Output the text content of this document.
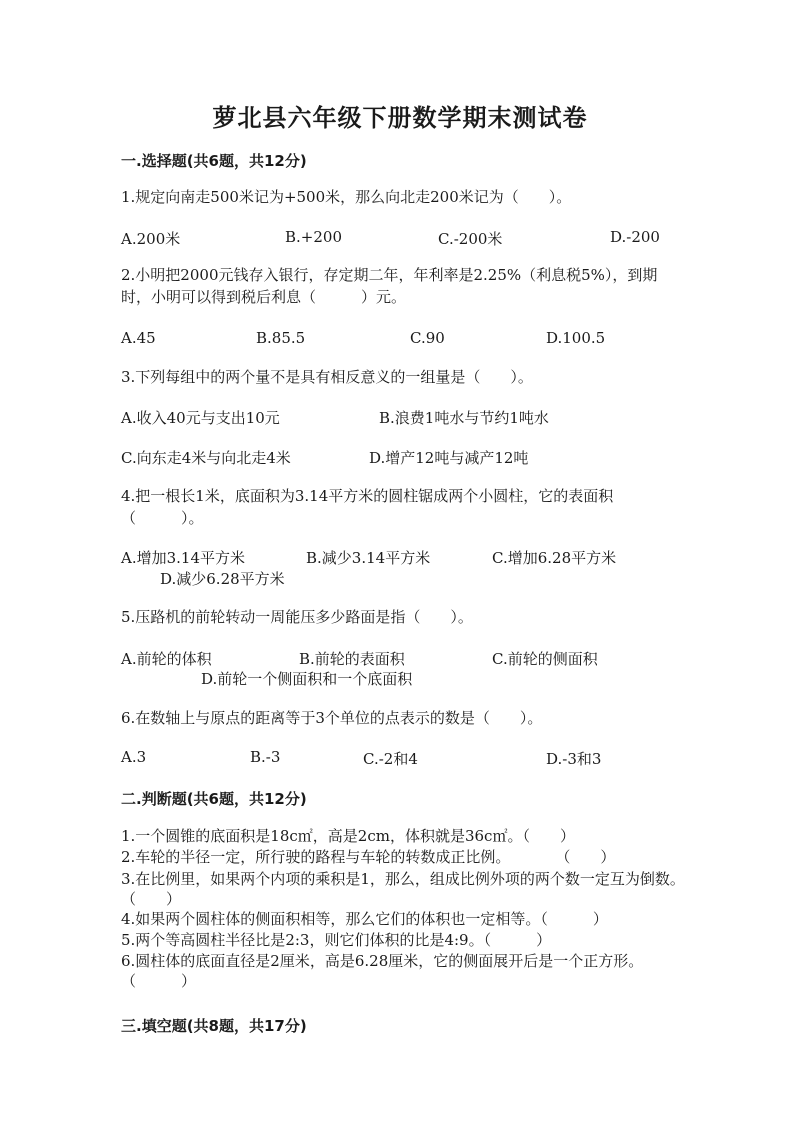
萝北县六年级下册数学期末测试卷
一.选择题(共6题，共12分)
1.规定向南走500米记为+500米，那么向北走200米记为（　　）。
A.200米	B.+200	C.-200米	D.-200
2.小明把2000元钱存入银行，存定期二年，年利率是2.25%（利息税5%），到期时，小明可以得到税后利息（　　　）元。
A.45	B.85.5	C.90	D.100.5
3.下列每组中的两个量不是具有相反意义的一组量是（　　）。
A.收入40元与支出10元	B.浪费1吨水与节约1吨水
C.向东走4米与向北走4米	D.增产12吨与减产12吨
4.把一根长1米，底面积为3.14平方米的圆柱锯成两个小圆柱，它的表面积（　　　）。
A.增加3.14平方米	B.减少3.14平方米	C.增加6.28平方米
D.减少6.28平方米
5.压路机的前轮转动一周能压多少路面是指（　　）。
A.前轮的体积	B.前轮的表面积	C.前轮的侧面积
D.前轮一个侧面积和一个底面积
6.在数轴上与原点的距离等于3个单位的点表示的数是（　　）。
A.3	B.-3	C.-2和4	D.-3和3
二.判断题(共6题，共12分)
1.一个圆锥的底面积是18c㎡，高是2cm，体积就是36c㎡。（　　）
2.车轮的半径一定，所行驶的路程与车轮的转数成正比例。　　　　（　　）
3.在比例里，如果两个内项的乘积是1，那么，组成比例外项的两个数一定互为倒数。　　　（　　）
4.如果两个圆柱体的侧面积相等，那么它们的体积也一定相等。（　　　）
5.两个等高圆柱半径比是2:3，则它们体积的比是4:9。（　　　）
6.圆柱体的底面直径是2厘米，高是6.28厘米，它的侧面展开后是一个正方形。（　　　）
三.填空题(共8题，共17分)
